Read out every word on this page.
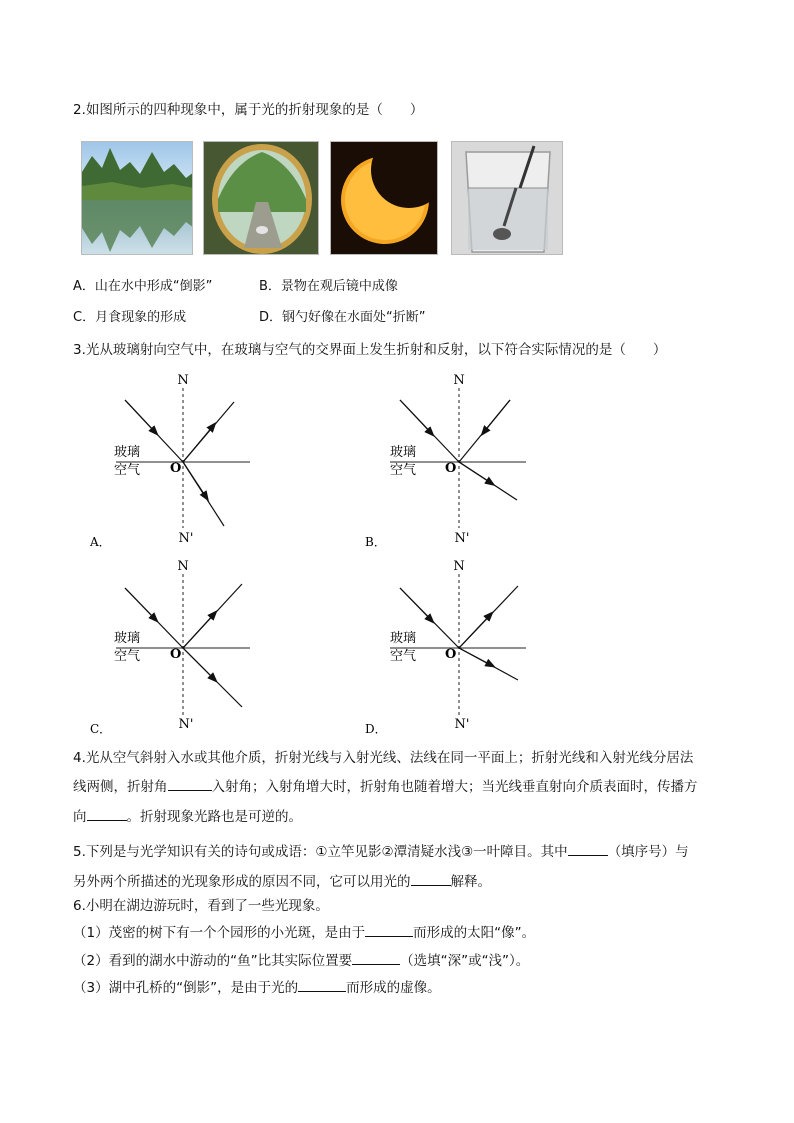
2.如图所示的四种现象中，属于光的折射现象的是（　　）
A．山在水中形成“倒影”	B．景物在观后镜中成像
C．月食现象的形成	D．钢勺好像在水面处“折断”
3.光从玻璃射向空气中，在玻璃与空气的交界面上发生折射和反射，以下符合实际情况的是（　　）
N
N'
O
玻璃
空气
A．
N
N'
O
玻璃
空气
B．
N
N'
O
玻璃
空气
C．
N
N'
O
玻璃
空气
D．
4.光从空气斜射入水或其他介质，折射光线与入射光线、法线在同一平面上；折射光线和入射光线分居法
线两侧，折射角	入射角；入射角增大时，折射角也随着增大；当光线垂直射向介质表面时，传播方
向	。折射现象光路也是可逆的。
5.下列是与光学知识有关的诗句或成语：①立竿见影②潭清疑水浅③一叶障目。其中	（填序号）与
另外两个所描述的光现象形成的原因不同，它可以用光的	解释。
6.小明在湖边游玩时，看到了一些光现象。
（1）茂密的树下有一个个园形的小光斑，是由于	而形成的太阳“像”。
（2）看到的湖水中游动的“鱼”比其实际位置要	（选填“深”或“浅”）。
（3）湖中孔桥的“倒影”，是由于光的	而形成的虚像。
